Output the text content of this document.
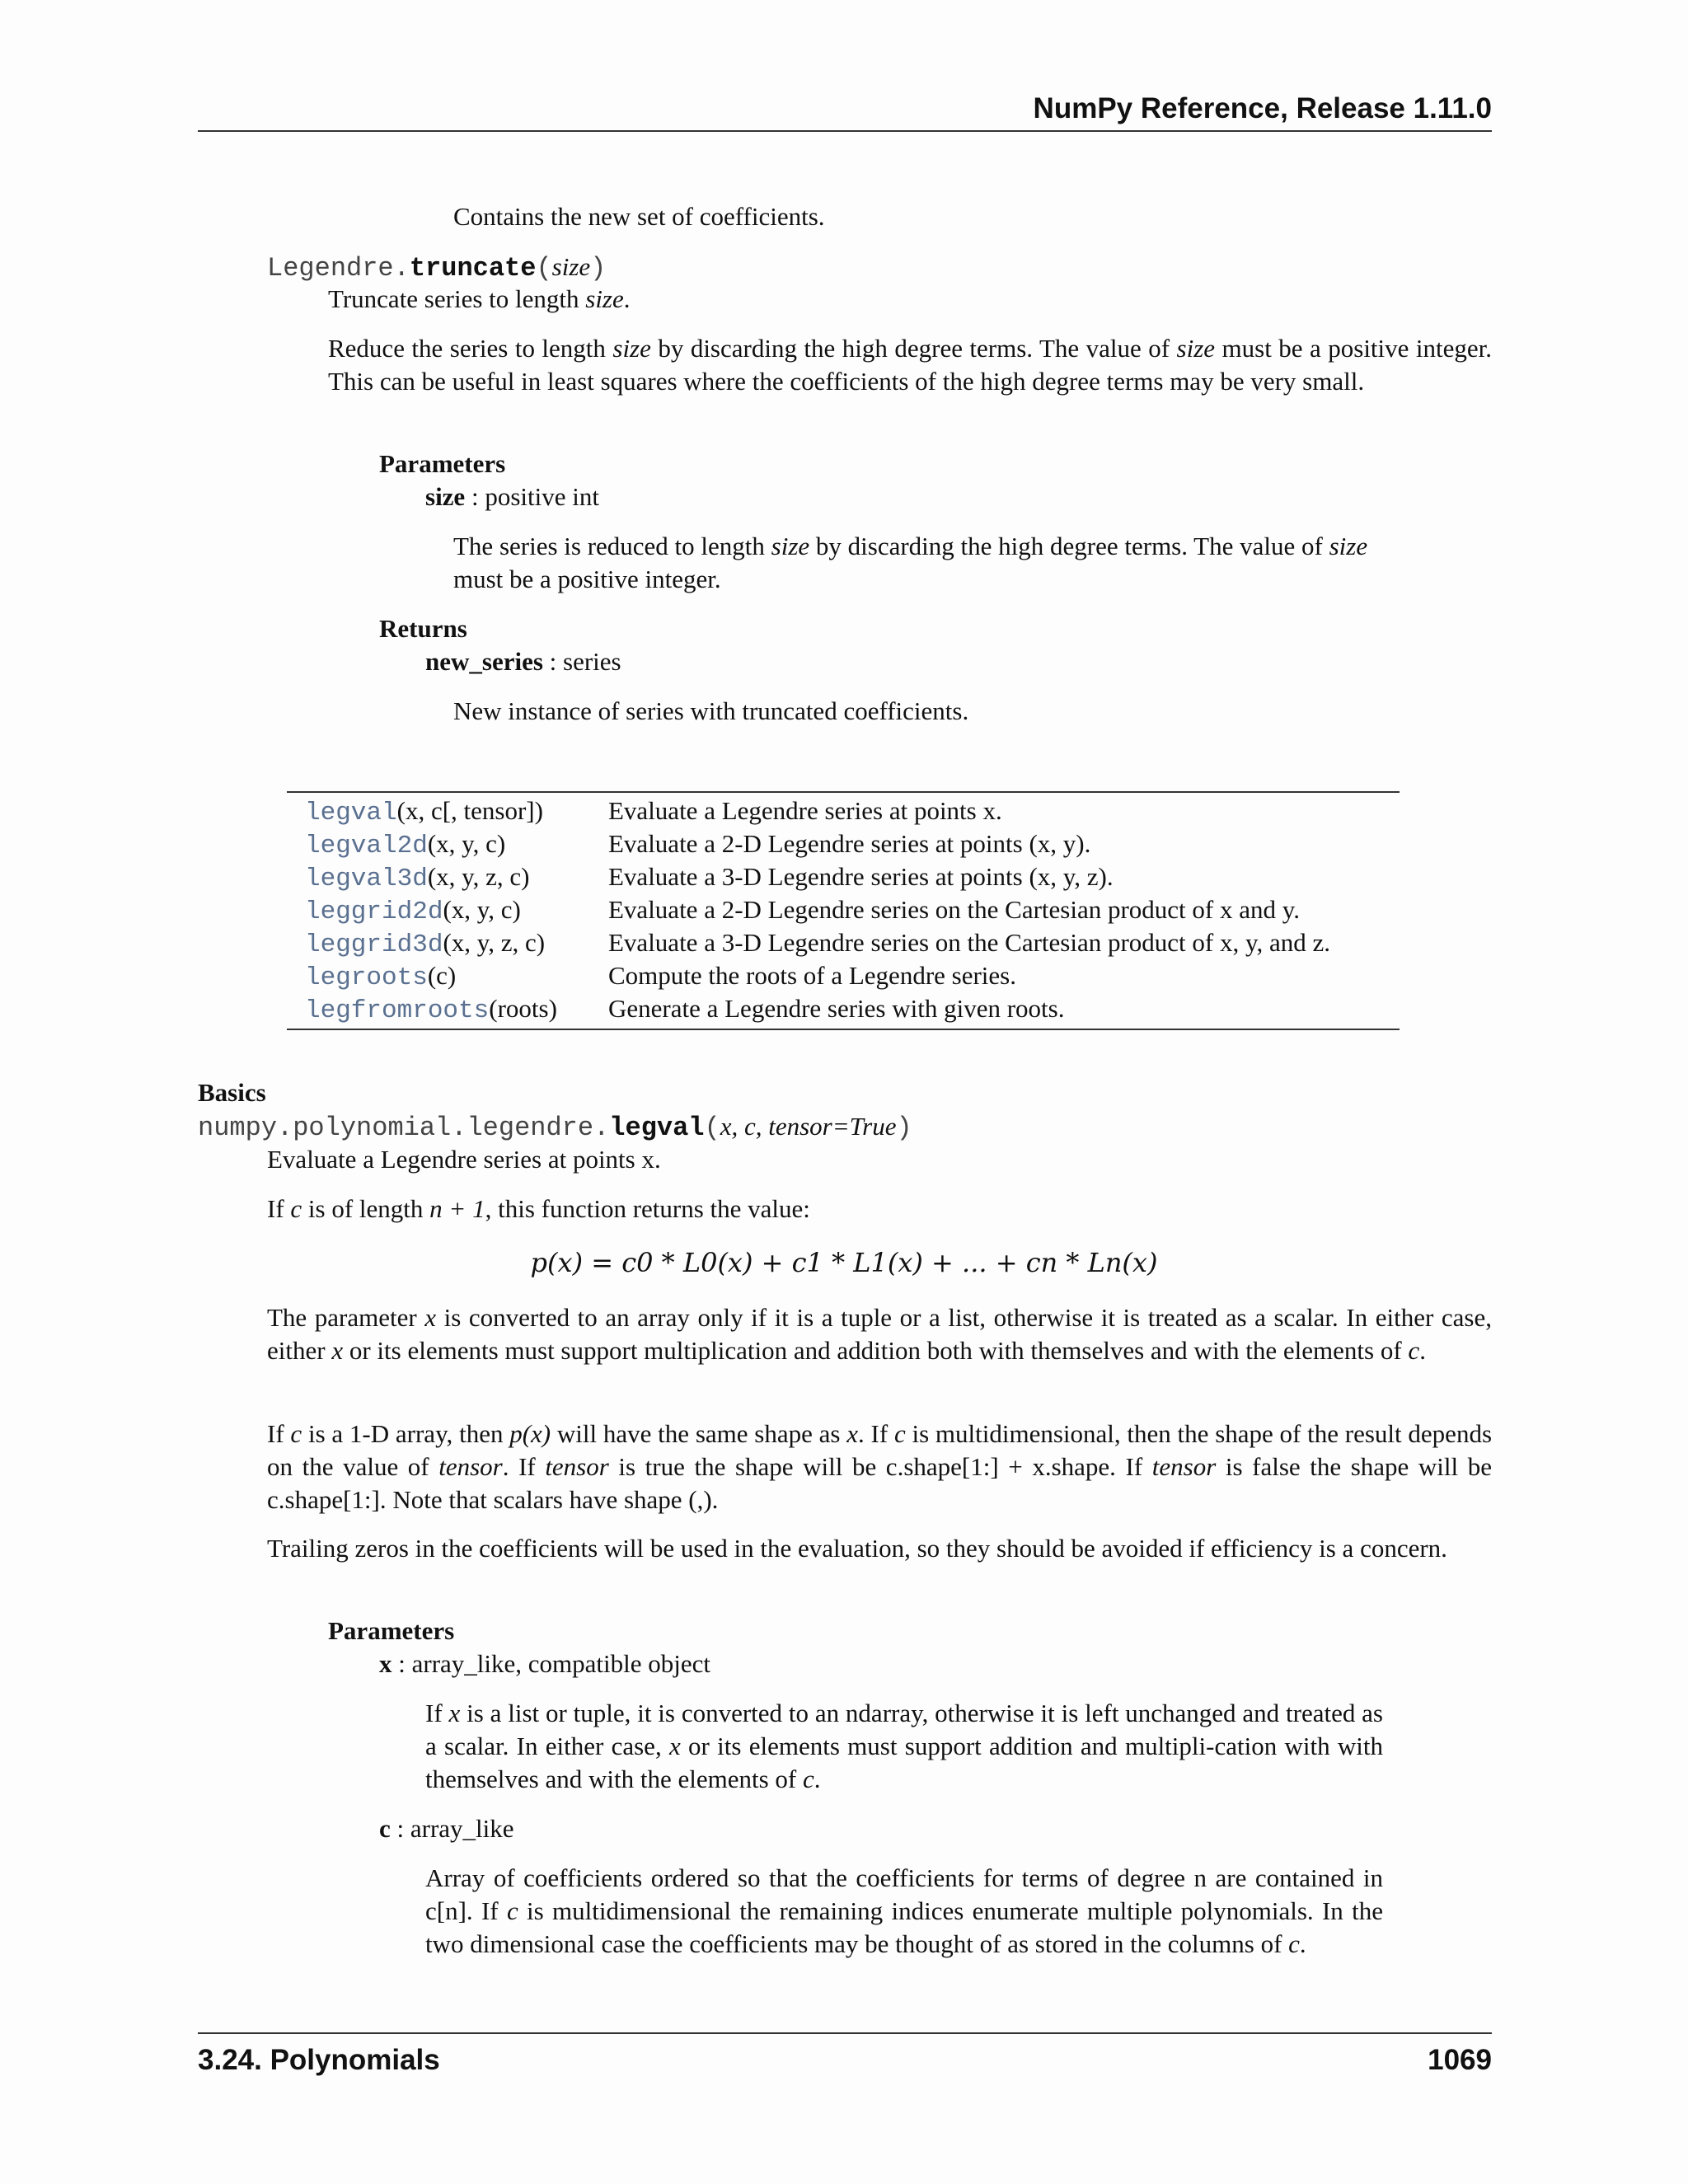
NumPy Reference, Release 1.11.0
Contains the new set of coefficients.
Legendre.truncate(size)
Truncate series to length size.
Reduce the series to length size by discarding the high degree terms. The value of size must be a positive integer. This can be useful in least squares where the coefficients of the high degree terms may be very small.
Parameters
size : positive int
The series is reduced to length size by discarding the high degree terms. The value of size must be a positive integer.
Returns
new_series : series
New instance of series with truncated coefficients.
legval(x, c[, tensor])	Evaluate a Legendre series at points x.
legval2d(x, y, c)	Evaluate a 2-D Legendre series at points (x, y).
legval3d(x, y, z, c)	Evaluate a 3-D Legendre series at points (x, y, z).
leggrid2d(x, y, c)	Evaluate a 2-D Legendre series on the Cartesian product of x and y.
leggrid3d(x, y, z, c) Evaluate a 3-D Legendre series on the Cartesian product of x, y, and z.
legroots(c)	Compute the roots of a Legendre series.
legfromroots(roots) Generate a Legendre series with given roots.
Basics
numpy.polynomial.legendre.legval(x, c, tensor=True)
Evaluate a Legendre series at points x.
If c is of length n + 1, this function returns the value:
p(x) = c0 * L0(x) + c1 * L1(x) + ... + cn * Ln(x)
The parameter x is converted to an array only if it is a tuple or a list, otherwise it is treated as a scalar. In either case, either x or its elements must support multiplication and addition both with themselves and with the elements of c.
If c is a 1-D array, then p(x) will have the same shape as x. If c is multidimensional, then the shape of the result depends on the value of tensor. If tensor is true the shape will be c.shape[1:] + x.shape. If tensor is false the shape will be c.shape[1:]. Note that scalars have shape (,).
Trailing zeros in the coefficients will be used in the evaluation, so they should be avoided if efficiency is a concern.
Parameters
x : array_like, compatible object
If x is a list or tuple, it is converted to an ndarray, otherwise it is left unchanged and treated as a scalar. In either case, x or its elements must support addition and multipli-cation with with themselves and with the elements of c.
c : array_like
Array of coefficients ordered so that the coefficients for terms of degree n are contained in c[n]. If c is multidimensional the remaining indices enumerate multiple polynomials. In the two dimensional case the coefficients may be thought of as stored in the columns of c.
3.24. Polynomials	1069
